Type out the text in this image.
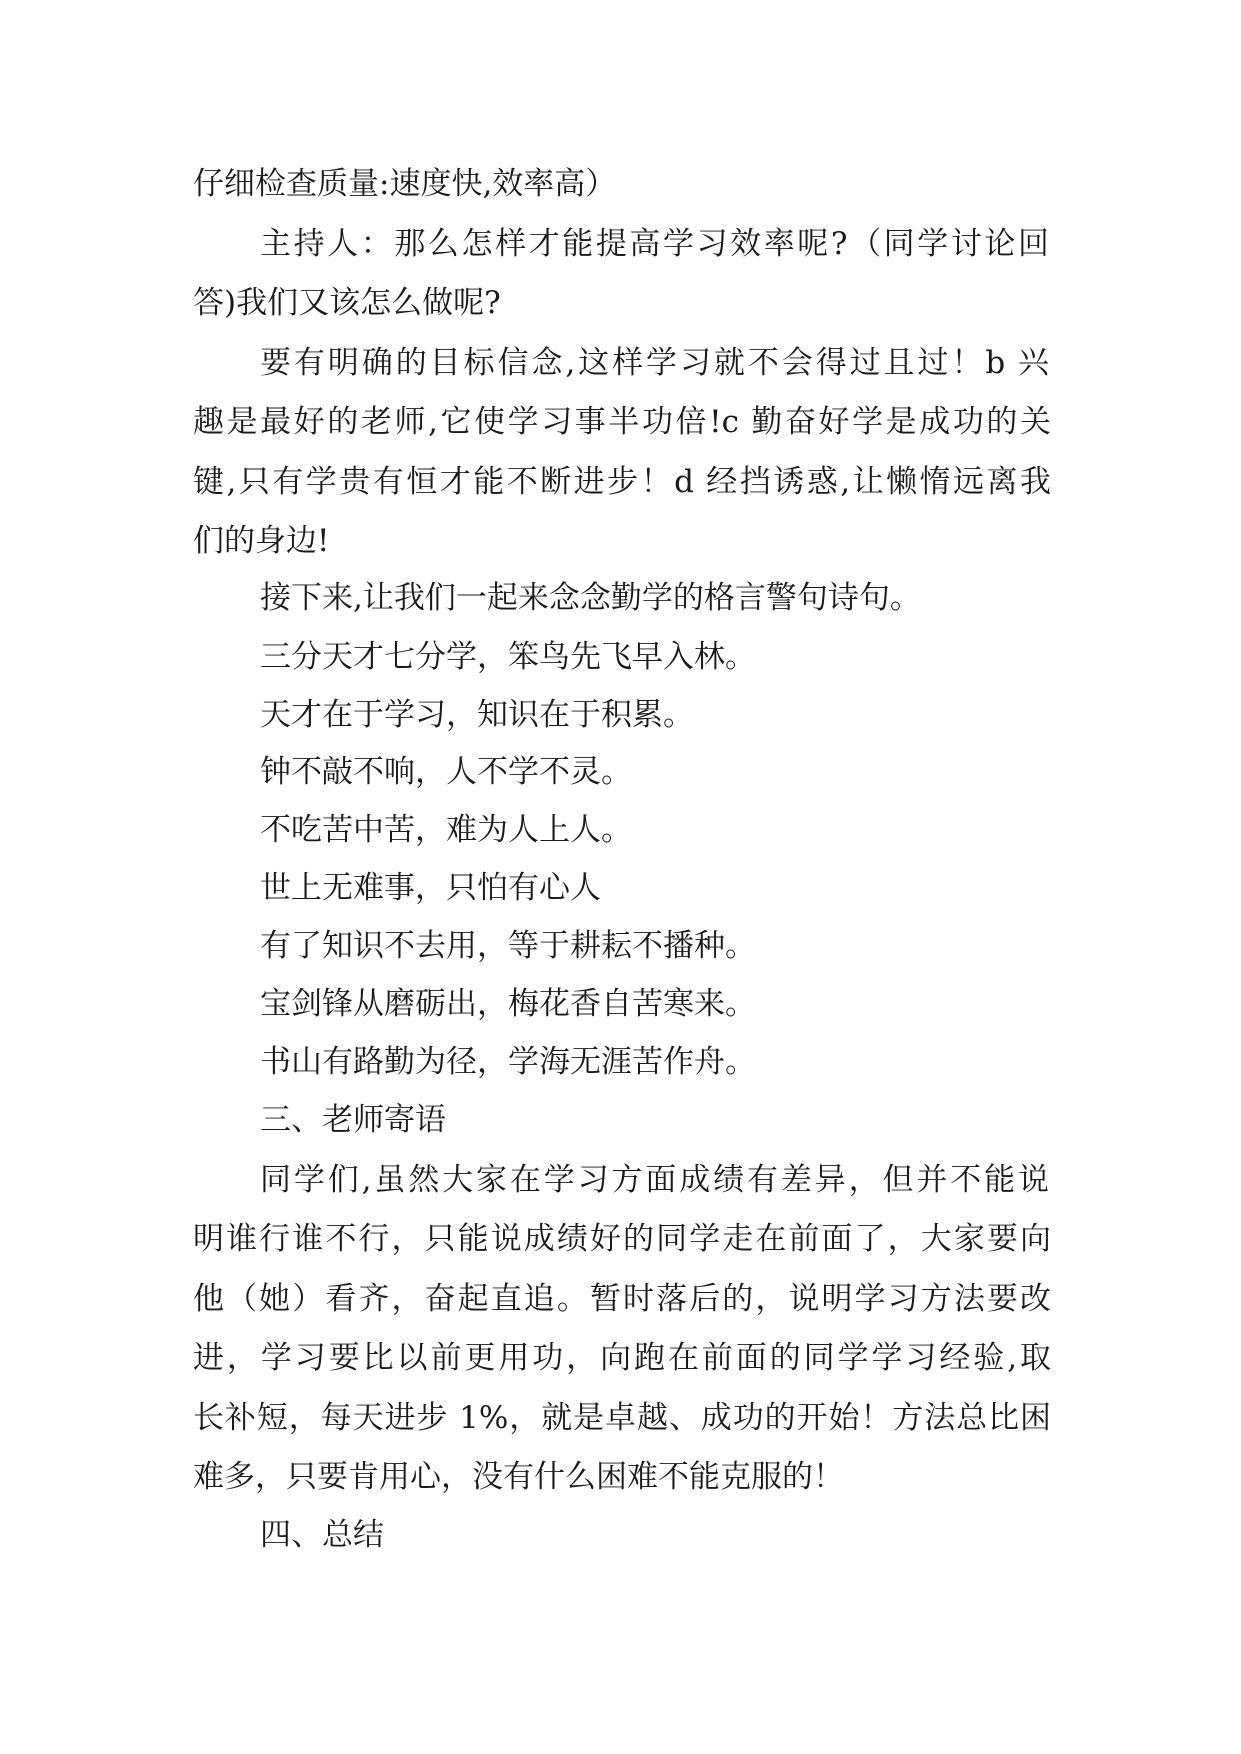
仔细检查质量:速度快,效率高）
主持人：那么怎样才能提高学习效率呢?（同学讨论回
答)我们又该怎么做呢?
要有明确的目标信念,这样学习就不会得过且过！b 兴
趣是最好的老师,它使学习事半功倍!c 勤奋好学是成功的关
键,只有学贵有恒才能不断进步！d 经挡诱惑,让懒惰远离我
们的身边!
接下来,让我们一起来念念勤学的格言警句诗句。
三分天才七分学，笨鸟先飞早入林。
天才在于学习，知识在于积累。
钟不敲不响，人不学不灵。
不吃苦中苦，难为人上人。
世上无难事，只怕有心人
有了知识不去用，等于耕耘不播种。
宝剑锋从磨砺出，梅花香自苦寒来。
书山有路勤为径，学海无涯苦作舟。
三、老师寄语
同学们,虽然大家在学习方面成绩有差异，但并不能说
明谁行谁不行，只能说成绩好的同学走在前面了，大家要向
他（她）看齐，奋起直追。暂时落后的，说明学习方法要改
进，学习要比以前更用功，向跑在前面的同学学习经验,取
长补短，每天进步 1%，就是卓越、成功的开始！方法总比困
难多，只要肯用心，没有什么困难不能克服的！
四、总结
